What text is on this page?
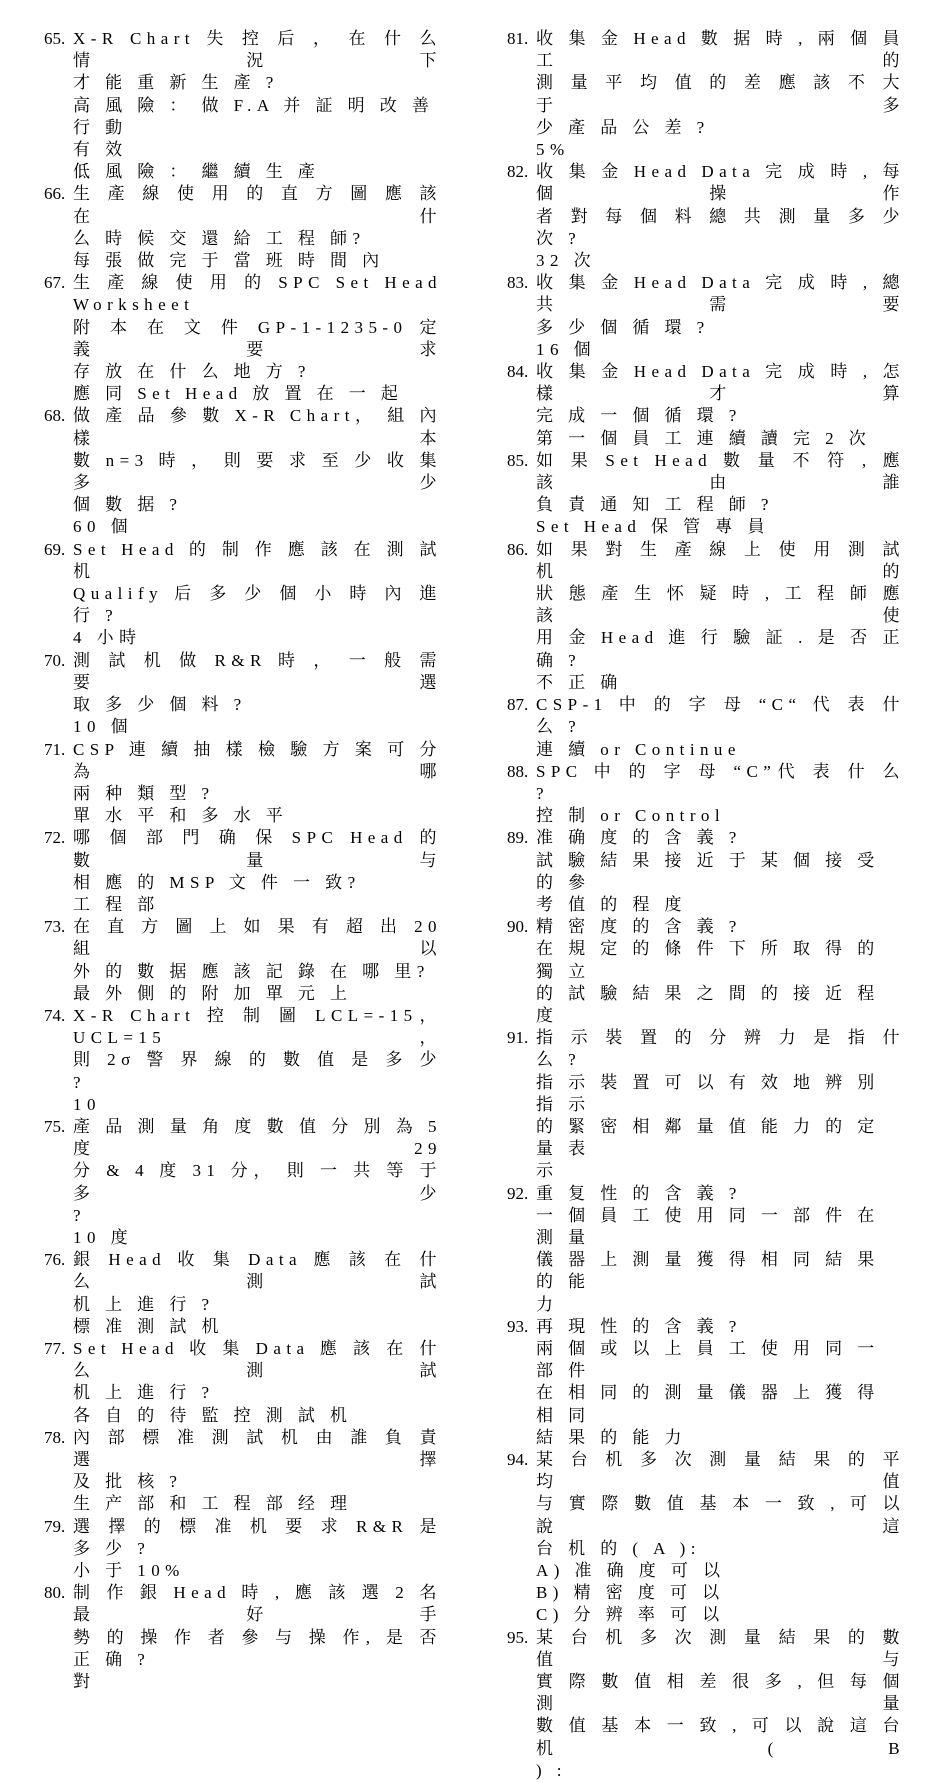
65. X-R Chart 失 控 后 ， 在 什 么 情 況 下
才 能 重 新 生 產 ?
高 風 險 ： 做 F.A 并 証 明 改 善 行 動
有 效
低 風 險 ： 繼 續 生 產
66. 生 產 線 使 用 的 直 方 圖 應 該 在 什
么 時 候 交 還 給 工 程 師?
每 張 做 完 于 當 班 時 間 內
67. 生 產 線 使 用 的 SPC Set Head Worksheet
附 本 在 文 件 GP-1-1235-0 定 義 要 求
存 放 在 什 么 地 方 ?
應 同 Set Head 放 置 在 一 起
68. 做 產 品 參 數 X-R Chart， 組 內 樣 本
數 n=3 時 ， 則 要 求 至 少 收 集 多 少
個 數 据 ?
60 個
69. Set Head 的 制 作 應 該 在 測 試 机
Qualify 后 多 少 個 小 時 內 進 行 ?
4 小時
70. 測 試 机 做 R&R 時 ， 一 般 需 要 選
取 多 少 個 料 ?
10 個
71. CSP 連 續 抽 樣 檢 驗 方 案 可 分 為 哪
兩 种 類 型 ?
單 水 平 和 多 水 平
72. 哪 個 部 門 确 保 SPC Head 的 數 量 与
相 應 的 MSP 文 件 一 致?
工 程 部
73. 在 直 方 圖 上 如 果 有 超 出 20 組 以
外 的 數 据 應 該 記 錄 在 哪 里?
最 外 側 的 附 加 單 元 上
74. X-R Chart 控 制 圖 LCL=-15， UCL=15，
則 2σ 警 界 線 的 數 值 是 多 少 ?
10
75. 產 品 測 量 角 度 數 值 分 別 為 5 度 29
分 & 4 度 31 分， 則 一 共 等 于 多 少
?
10 度
76. 銀 Head 收 集 Data 應 該 在 什 么 測 試
机 上 進 行 ?
標 准 測 試 机
77. Set Head 收 集 Data 應 該 在 什 么 測 試
机 上 進 行 ?
各 自 的 待 監 控 測 試 机
78. 內 部 標 准 測 試 机 由 誰 負 責 選 擇
及 批 核 ?
生 产 部 和 工 程 部 经 理
79. 選 擇 的 標 准 机 要 求 R&R 是 多 少 ?
小 于 10%
80. 制 作 銀 Head 時 , 應 該 選 2 名 最 好 手
勢 的 操 作 者 參 与 操 作, 是 否 正 确 ?
對
81. 收 集 金 Head 數 据 時 , 兩 個 員 工 的
測 量 平 均 值 的 差 應 該 不 大 于 多
少 產 品 公 差 ?
5%
82. 收 集 金 Head Data 完 成 時 , 每 個 操 作
者 對 每 個 料 總 共 測 量 多 少 次 ?
32 次
83. 收 集 金 Head Data 完 成 時 , 總 共 需 要
多 少 個 循 環 ?
16 個
84. 收 集 金 Head Data 完 成 時 , 怎 樣 才 算
完 成 一 個 循 環 ?
第 一 個 員 工 連 續 讀 完 2 次
85. 如 果 Set Head 數 量 不 符 , 應 該 由 誰
負 責 通 知 工 程 師 ?
Set Head 保 管 專 員
86. 如 果 對 生 產 線 上 使 用 測 試 机 的
狀 態 產 生 怀 疑 時 , 工 程 師 應 該 使
用 金 Head 進 行 驗 証 . 是 否 正 确 ?
不 正 确
87. CSP-1 中 的 字 母 “C“ 代 表 什 么 ?
連 續 or Continue
88. SPC 中 的 字 母 “C”代 表 什 么 ?
控 制 or Control
89. 准 确 度 的 含 義 ?
試 驗 結 果 接 近 于 某 個 接 受 的 參
考 值 的 程 度
90. 精 密 度 的 含 義 ?
在 規 定 的 條 件 下 所 取 得 的 獨 立
的 試 驗 結 果 之 間 的 接 近 程 度
91. 指 示 裝 置 的 分 辨 力 是 指 什 么 ?
指 示 裝 置 可 以 有 效 地 辨 別 指 示
的 緊 密 相 鄰 量 值 能 力 的 定 量 表
示
92. 重 复 性 的 含 義 ?
一 個 員 工 使 用 同 一 部 件 在 測 量
儀 器 上 測 量 獲 得 相 同 結 果 的 能
力
93. 再 現 性 的 含 義 ?
兩 個 或 以 上 員 工 使 用 同 一 部 件
在 相 同 的 測 量 儀 器 上 獲 得 相 同
結 果 的 能 力
94. 某 台 机 多 次 測 量 結 果 的 平 均 值
与 實 際 數 值 基 本 一 致 , 可 以 說 這
台 机 的 ( A ):
A) 准 确 度 可 以
B) 精 密 度 可 以
C) 分 辨 率 可 以
95. 某 台 机 多 次 測 量 結 果 的 數 值 与
實 際 數 值 相 差 很 多 , 但 每 個 測 量
數 值 基 本 一 致 , 可 以 說 這 台 机 ( B
) :
